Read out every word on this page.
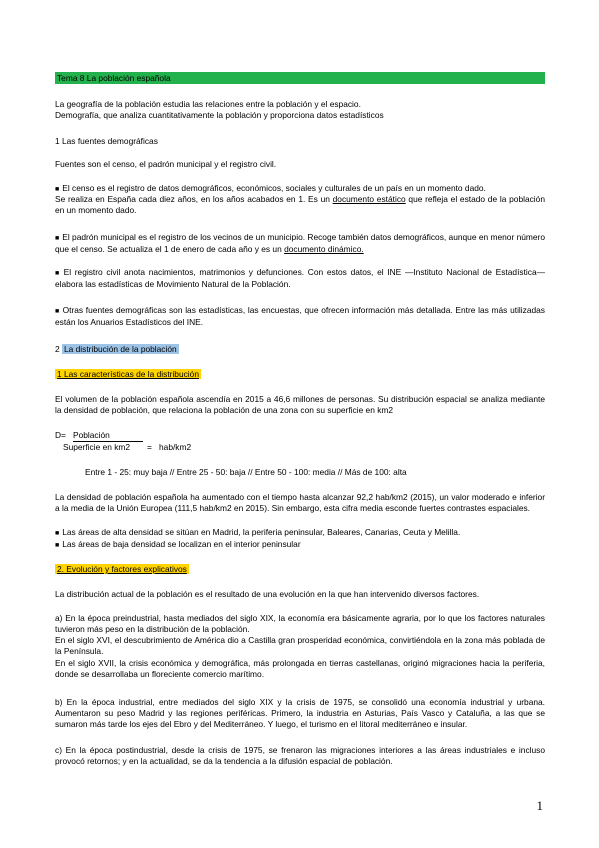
Tema 8 La población española

La geografía de la población estudia las relaciones entre la población y el espacio.

Demografía, que analiza cuantitativamente la población y proporciona datos estadísticos

1 Las fuentes demográficas

Fuentes son el censo, el padrón municipal y el registro civil.

■ El censo es el registro de datos demográficos, económicos, sociales y culturales de un país en un momento dado.

Se realiza en España cada diez años, en los años acabados en 1. Es un documento estático que refleja el estado de la población en un momento dado.

■ El padrón municipal es el registro de los vecinos de un municipio. Recoge también datos demográficos, aunque en menor número que el censo. Se actualiza el 1 de enero de cada año y es un documento dinámico.

■ El registro civil anota nacimientos, matrimonios y defunciones. Con estos datos, el INE —Instituto Nacional de Estadística— elabora las estadísticas de Movimiento Natural de la Población.

■ Otras fuentes demográficas son las estadísticas, las encuestas, que ofrecen información más detallada. Entre las más utilizadas están los Anuarios Estadísticos del INE.

2 La distribución de la población

1 Las características de la distribución

El volumen de la población española ascendía en 2015 a 46,6 millones de personas. Su distribución espacial se analiza mediante la densidad de población, que relaciona la población de una zona con su superficie en km2

D= Población
Superficie en km2 = hab/km2

Entre 1 - 25: muy baja // Entre 25 - 50: baja // Entre 50 - 100: media // Más de 100: alta

La densidad de población española ha aumentado con el tiempo hasta alcanzar 92,2 hab/km2 (2015), un valor moderado e inferior a la media de la Unión Europea (111,5 hab/km2 en 2015). Sin embargo, esta cifra media esconde fuertes contrastes espaciales.

■ Las áreas de alta densidad se sitúan en Madrid, la periferia peninsular, Baleares, Canarias, Ceuta y Melilla.

■ Las áreas de baja densidad se localizan en el interior peninsular

2. Evolución y factores explicativos

La distribución actual de la población es el resultado de una evolución en la que han intervenido diversos factores.

a) En la época preindustrial, hasta mediados del siglo XIX, la economía era básicamente agraria, por lo que los factores naturales tuvieron más peso en la distribución de la población.

En el siglo XVI, el descubrimiento de América dio a Castilla gran prosperidad económica, convirtiéndola en la zona más poblada de la Península.

En el siglo XVII, la crisis económica y demográfica, más prolongada en tierras castellanas, originó migraciones hacia la periferia, donde se desarrollaba un floreciente comercio marítimo.

b) En la época industrial, entre mediados del siglo XIX y la crisis de 1975, se consolidó una economía industrial y urbana. Aumentaron su peso Madrid y las regiones periféricas. Primero, la industria en Asturias, País Vasco y Cataluña, a las que se sumaron más tarde los ejes del Ebro y del Mediterráneo. Y luego, el turismo en el litoral mediterráneo e insular.

c) En la época postindustrial, desde la crisis de 1975, se frenaron las migraciones interiores a las áreas industriales e incluso provocó retornos; y en la actualidad, se da la tendencia a la difusión espacial de población.

1
